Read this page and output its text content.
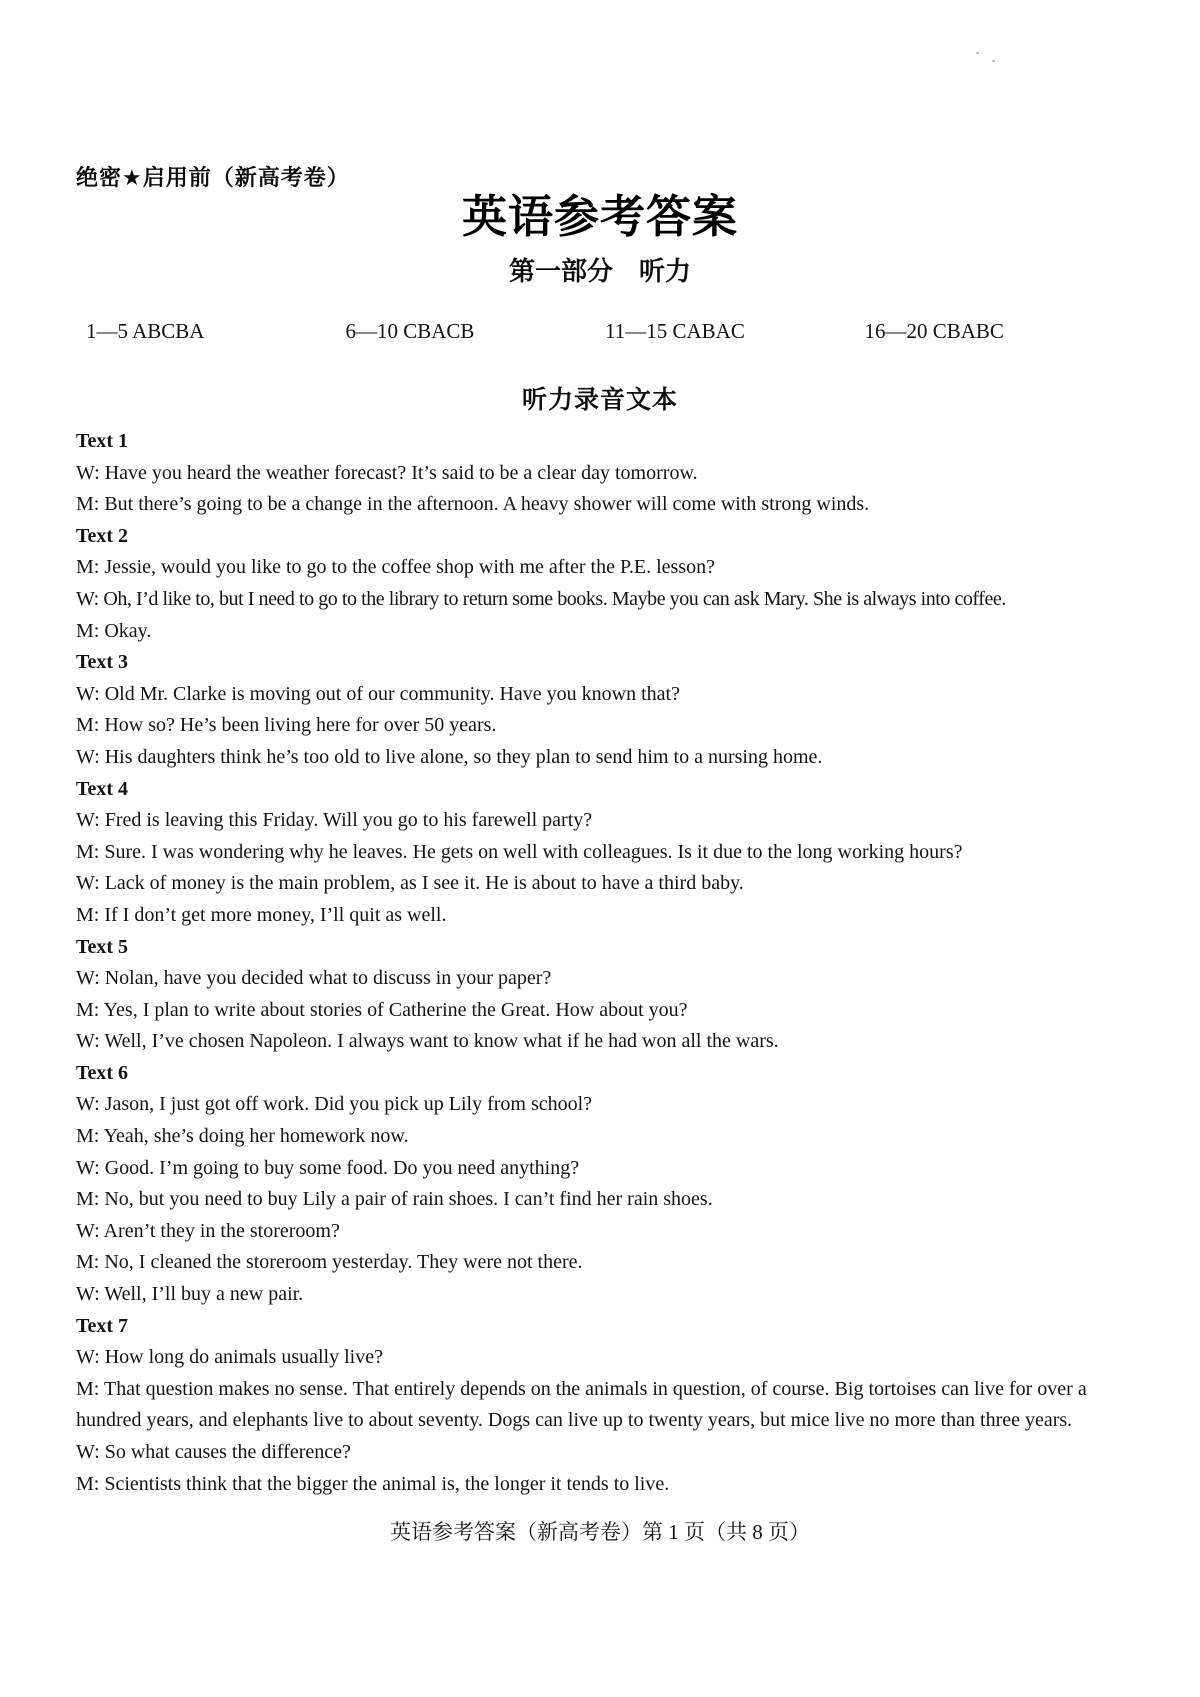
绝密★启用前（新高考卷）
英语参考答案
第一部分　听力
1—5 ABCBA	6—10 CBACB	11—15 CABAC	16—20 CBABC
听力录音文本
Text 1
W: Have you heard the weather forecast? It’s said to be a clear day tomorrow.
M: But there’s going to be a change in the afternoon. A heavy shower will come with strong winds.
Text 2
M: Jessie, would you like to go to the coffee shop with me after the P.E. lesson?
W: Oh, I’d like to, but I need to go to the library to return some books. Maybe you can ask Mary. She is always into coffee.
M: Okay.
Text 3
W: Old Mr. Clarke is moving out of our community. Have you known that?
M: How so? He’s been living here for over 50 years.
W: His daughters think he’s too old to live alone, so they plan to send him to a nursing home.
Text 4
W: Fred is leaving this Friday. Will you go to his farewell party?
M: Sure. I was wondering why he leaves. He gets on well with colleagues. Is it due to the long working hours?
W: Lack of money is the main problem, as I see it. He is about to have a third baby.
M: If I don’t get more money, I’ll quit as well.
Text 5
W: Nolan, have you decided what to discuss in your paper?
M: Yes, I plan to write about stories of Catherine the Great. How about you?
W: Well, I’ve chosen Napoleon. I always want to know what if he had won all the wars.
Text 6
W: Jason, I just got off work. Did you pick up Lily from school?
M: Yeah, she’s doing her homework now.
W: Good. I’m going to buy some food. Do you need anything?
M: No, but you need to buy Lily a pair of rain shoes. I can’t find her rain shoes.
W: Aren’t they in the storeroom?
M: No, I cleaned the storeroom yesterday. They were not there.
W: Well, I’ll buy a new pair.
Text 7
W: How long do animals usually live?
M: That question makes no sense. That entirely depends on the animals in question, of course. Big tortoises can live for over a hundred years, and elephants live to about seventy. Dogs can live up to twenty years, but mice live no more than three years.
W: So what causes the difference?
M: Scientists think that the bigger the animal is, the longer it tends to live.
英语参考答案（新高考卷）第 1 页（共 8 页）
